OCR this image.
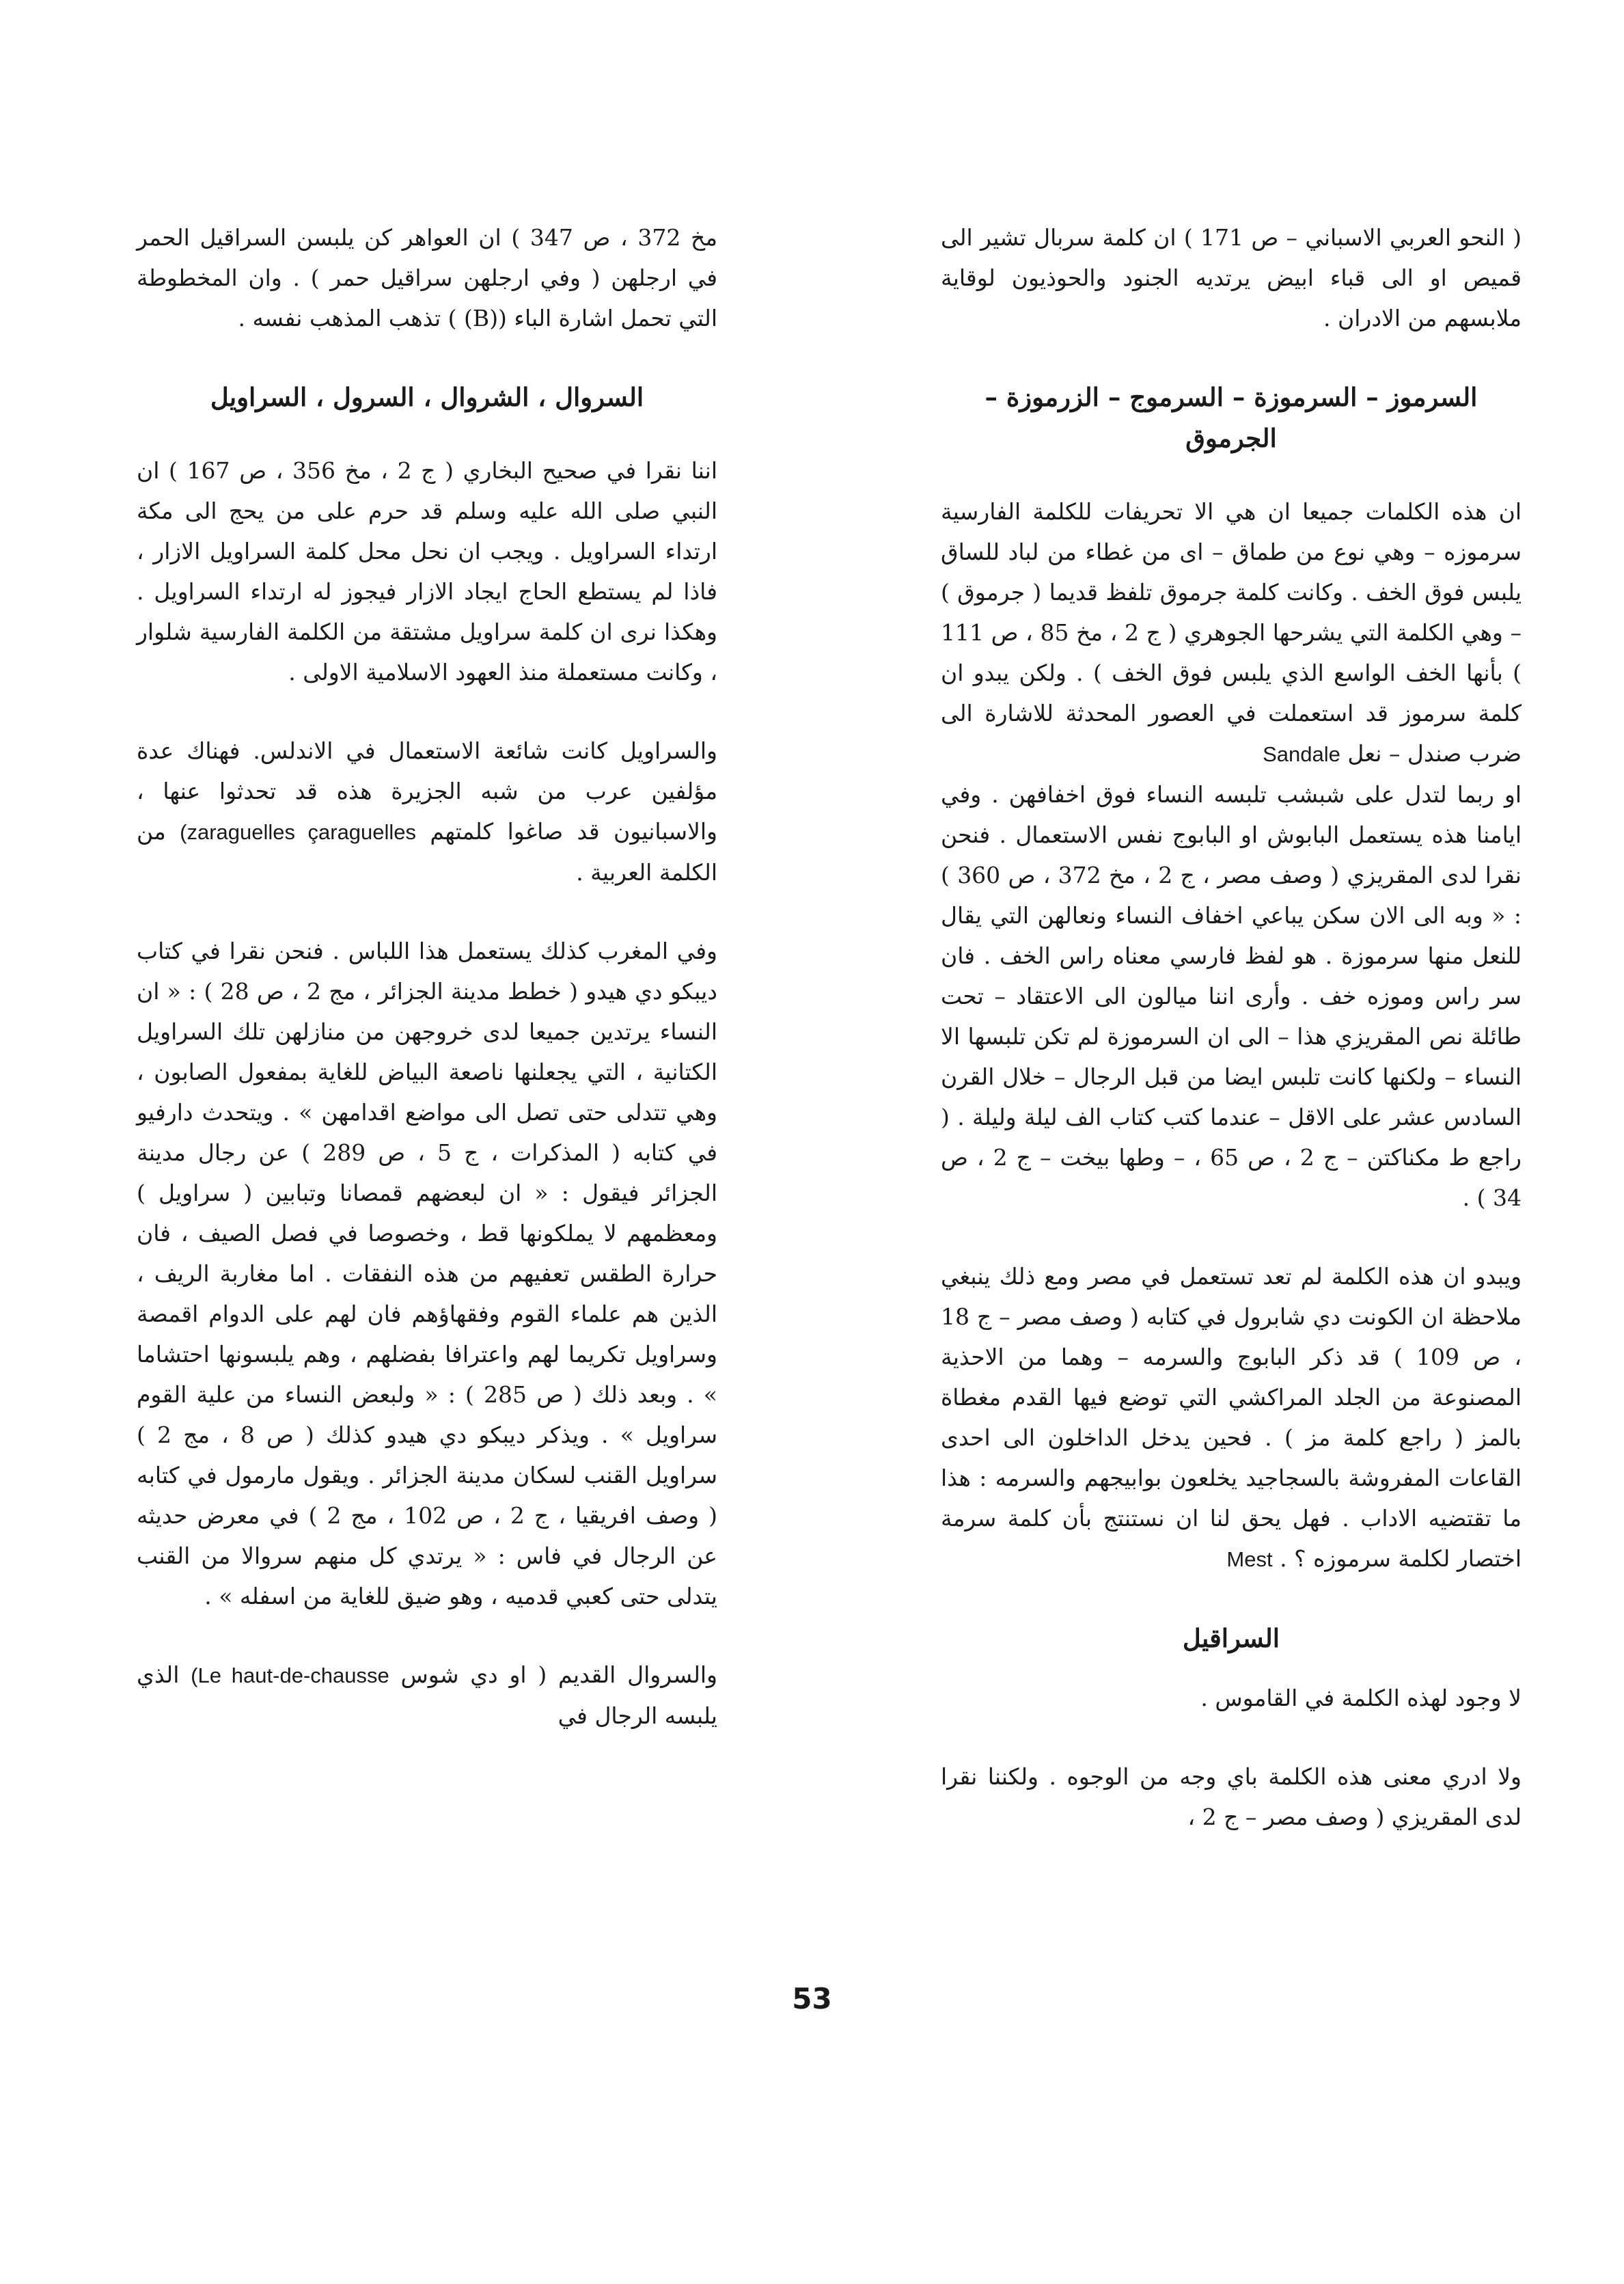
( النحو العربي الاسباني – ص 171 ) ان كلمة سربال تشير الى قميص او الى قباء ابيض يرتديه الجنود والحوذيون لوقاية ملابسهم من الادران .

السرموز – السرموزة – السرموج – الزرموزة – الجرموق

ان هذه الكلمات جميعا ان هي الا تحريفات للكلمة الفارسية سرموزه – وهي نوع من طماق – اى من غطاء من لباد للساق يلبس فوق الخف . وكانت كلمة جرموق تلفظ قديما ( جرموق ) – وهي الكلمة التي يشرحها الجوهري ( ج 2 ، مخ 85 ، ص 111 ) بأنها الخف الواسع الذي يلبس فوق الخف ) . ولكن يبدو ان كلمة سرموز قد استعملت في العصور المحدثة للاشارة الى ضرب صندل – نعل Sandale

او ربما لتدل على شبشب تلبسه النساء فوق اخفافهن . وفي ايامنا هذه يستعمل البابوش او البابوج نفس الاستعمال . فنحن نقرا لدى المقريزي ( وصف مصر ، ج 2 ، مخ 372 ، ص 360 ) : « وبه الى الان سكن يباعي اخفاف النساء ونعالهن التي يقال للنعل منها سرموزة . هو لفظ فارسي معناه راس الخف . فان سر راس وموزه خف . وأرى اننا ميالون الى الاعتقاد – تحت طائلة نص المقريزي هذا – الى ان السرموزة لم تكن تلبسها الا النساء – ولكنها كانت تلبس ايضا من قبل الرجال – خلال القرن السادس عشر على الاقل – عندما كتب كتاب الف ليلة وليلة . ( راجع ط مكناكتن – ج 2 ، ص 65 ، – وطها بيخت – ج 2 ، ص 34 ) .

ويبدو ان هذه الكلمة لم تعد تستعمل في مصر ومع ذلك ينبغي ملاحظة ان الكونت دي شابرول في كتابه ( وصف مصر – ج 18 ، ص 109 ) قد ذكر البابوج والسرمه – وهما من الاحذية المصنوعة من الجلد المراكشي التي توضع فيها القدم مغطاة بالمز ( راجع كلمة مز ) . فحين يدخل الداخلون الى احدى القاعات المفروشة بالسجاجيد يخلعون بوابيجهم والسرمه : هذا ما تقتضيه الاداب . فهل يحق لنا ان نستنتج بأن كلمة سرمة اختصار لكلمة سرموزه ؟ . Mest

السراقيل

لا وجود لهذه الكلمة في القاموس .

ولا ادري معنى هذه الكلمة باي وجه من الوجوه . ولكننا نقرا لدى المقريزي ( وصف مصر – ج 2 ،

مخ 372 ، ص 347 ) ان العواهر كن يلبسن السراقيل الحمر في ارجلهن ( وفي ارجلهن سراقيل حمر ) . وان المخطوطة التي تحمل اشارة الباء ((B) ) تذهب المذهب نفسه .

السروال ، الشروال ، السرول ، السراويل

اننا نقرا في صحيح البخاري ( ج 2 ، مخ 356 ، ص 167 ) ان النبي صلى الله عليه وسلم قد حرم على من يحج الى مكة ارتداء السراويل . ويجب ان نحل محل كلمة السراويل الازار ، فاذا لم يستطع الحاج ايجاد الازار فيجوز له ارتداء السراويل . وهكذا نرى ان كلمة سراويل مشتقة من الكلمة الفارسية شلوار ، وكانت مستعملة منذ العهود الاسلامية الاولى .

والسراويل كانت شائعة الاستعمال في الاندلس. فهناك عدة مؤلفين عرب من شبه الجزيرة هذه قد تحدثوا عنها ، والاسبانيون قد صاغوا كلمتهم (zaraguelles çaraguelles من الكلمة العربية .

وفي المغرب كذلك يستعمل هذا اللباس . فنحن نقرا في كتاب ديبكو دي هيدو ( خطط مدينة الجزائر ، مج 2 ، ص 28 ) : « ان النساء يرتدين جميعا لدى خروجهن من منازلهن تلك السراويل الكتانية ، التي يجعلنها ناصعة البياض للغاية بمفعول الصابون ، وهي تتدلى حتى تصل الى مواضع اقدامهن » . ويتحدث دارفيو في كتابه ( المذكرات ، ج 5 ، ص 289 ) عن رجال مدينة الجزائر فيقول : « ان لبعضهم قمصانا وتبابين ( سراويل ) ومعظمهم لا يملكونها قط ، وخصوصا في فصل الصيف ، فان حرارة الطقس تعفيهم من هذه النفقات . اما مغاربة الريف ، الذين هم علماء القوم وفقهاؤهم فان لهم على الدوام اقمصة وسراويل تكريما لهم واعترافا بفضلهم ، وهم يلبسونها احتشاما » . وبعد ذلك ( ص 285 ) : « ولبعض النساء من علية القوم سراويل » . ويذكر ديبكو دي هيدو كذلك ( ص 8 ، مج 2 ) سراويل القنب لسكان مدينة الجزائر . ويقول مارمول في كتابه ( وصف افريقيا ، ج 2 ، ص 102 ، مج 2 ) في معرض حديثه عن الرجال في فاس : « يرتدي كل منهم سروالا من القنب يتدلى حتى كعبي قدميه ، وهو ضيق للغاية من اسفله » .

والسروال القديم ( او دي شوس (Le haut-de-chausse الذي يلبسه الرجال في

53
